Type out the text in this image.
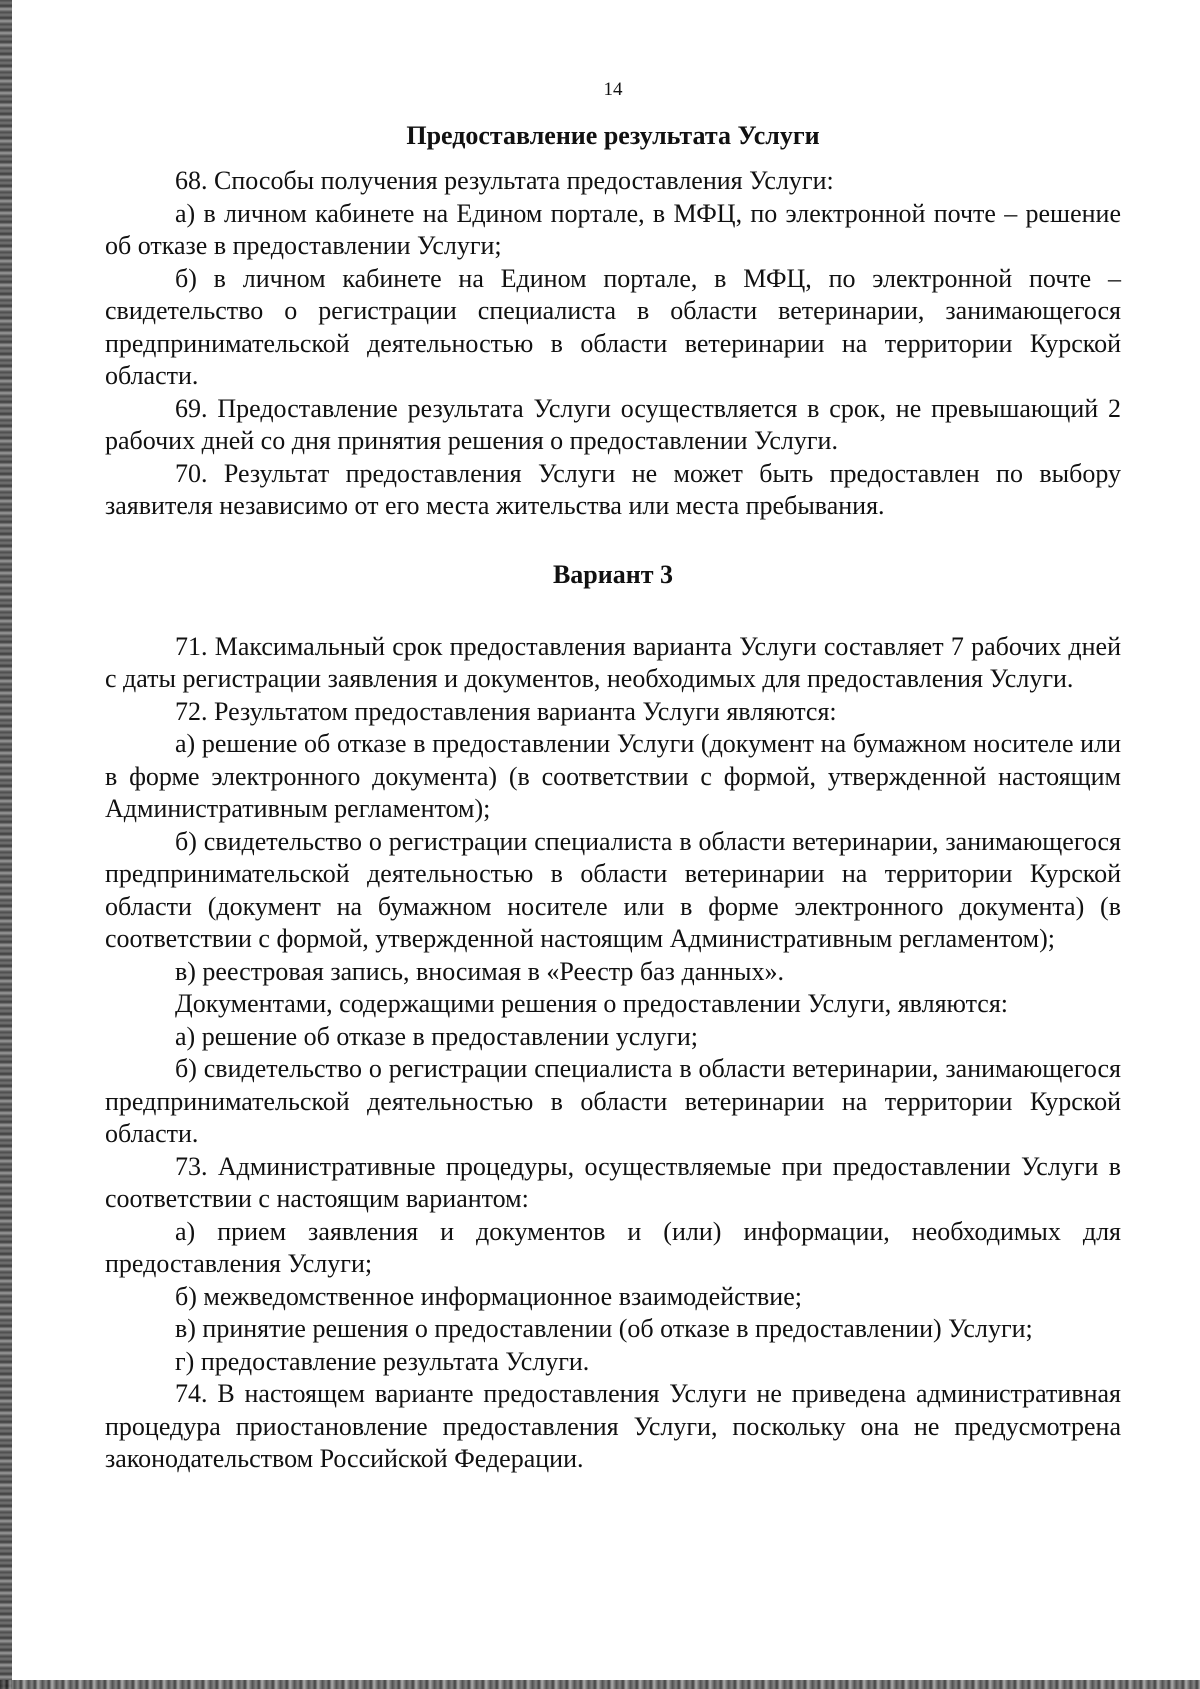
14
Предоставление результата Услуги

68. Способы получения результата предоставления Услуги:

а) в личном кабинете на Едином портале, в МФЦ, по электронной почте – решение об отказе в предоставлении Услуги;

б) в личном кабинете на Едином портале, в МФЦ, по электронной почте – свидетельство о регистрации специалиста в области ветеринарии, занимающегося предпринимательской деятельностью в области ветеринарии на территории Курской области.

69. Предоставление результата Услуги осуществляется в срок, не превышающий 2 рабочих дней со дня принятия решения о предоставлении Услуги.

70. Результат предоставления Услуги не может быть предоставлен по выбору заявителя независимо от его места жительства или места пребывания.

Вариант 3

71. Максимальный срок предоставления варианта Услуги составляет 7 рабочих дней с даты регистрации заявления и документов, необходимых для предоставления Услуги.

72. Результатом предоставления варианта Услуги являются:

а) решение об отказе в предоставлении Услуги (документ на бумажном носителе или в форме электронного документа) (в соответствии с формой, утвержденной настоящим Административным регламентом);

б) свидетельство о регистрации специалиста в области ветеринарии, занимающегося предпринимательской деятельностью в области ветеринарии на территории Курской области (документ на бумажном носителе или в форме электронного документа) (в соответствии с формой, утвержденной настоящим Административным регламентом);

в) реестровая запись, вносимая в «Реестр баз данных».

Документами, содержащими решения о предоставлении Услуги, являются:

а) решение об отказе в предоставлении услуги;

б) свидетельство о регистрации специалиста в области ветеринарии, занимающегося предпринимательской деятельностью в области ветеринарии на территории Курской области.

73. Административные процедуры, осуществляемые при предоставлении Услуги в соответствии с настоящим вариантом:

а) прием заявления и документов и (или) информации, необходимых для предоставления Услуги;

б) межведомственное информационное взаимодействие;

в) принятие решения о предоставлении (об отказе в предоставлении) Услуги;

г) предоставление результата Услуги.

74. В настоящем варианте предоставления Услуги не приведена административная процедура приостановление предоставления Услуги, поскольку она не предусмотрена законодательством Российской Федерации.
